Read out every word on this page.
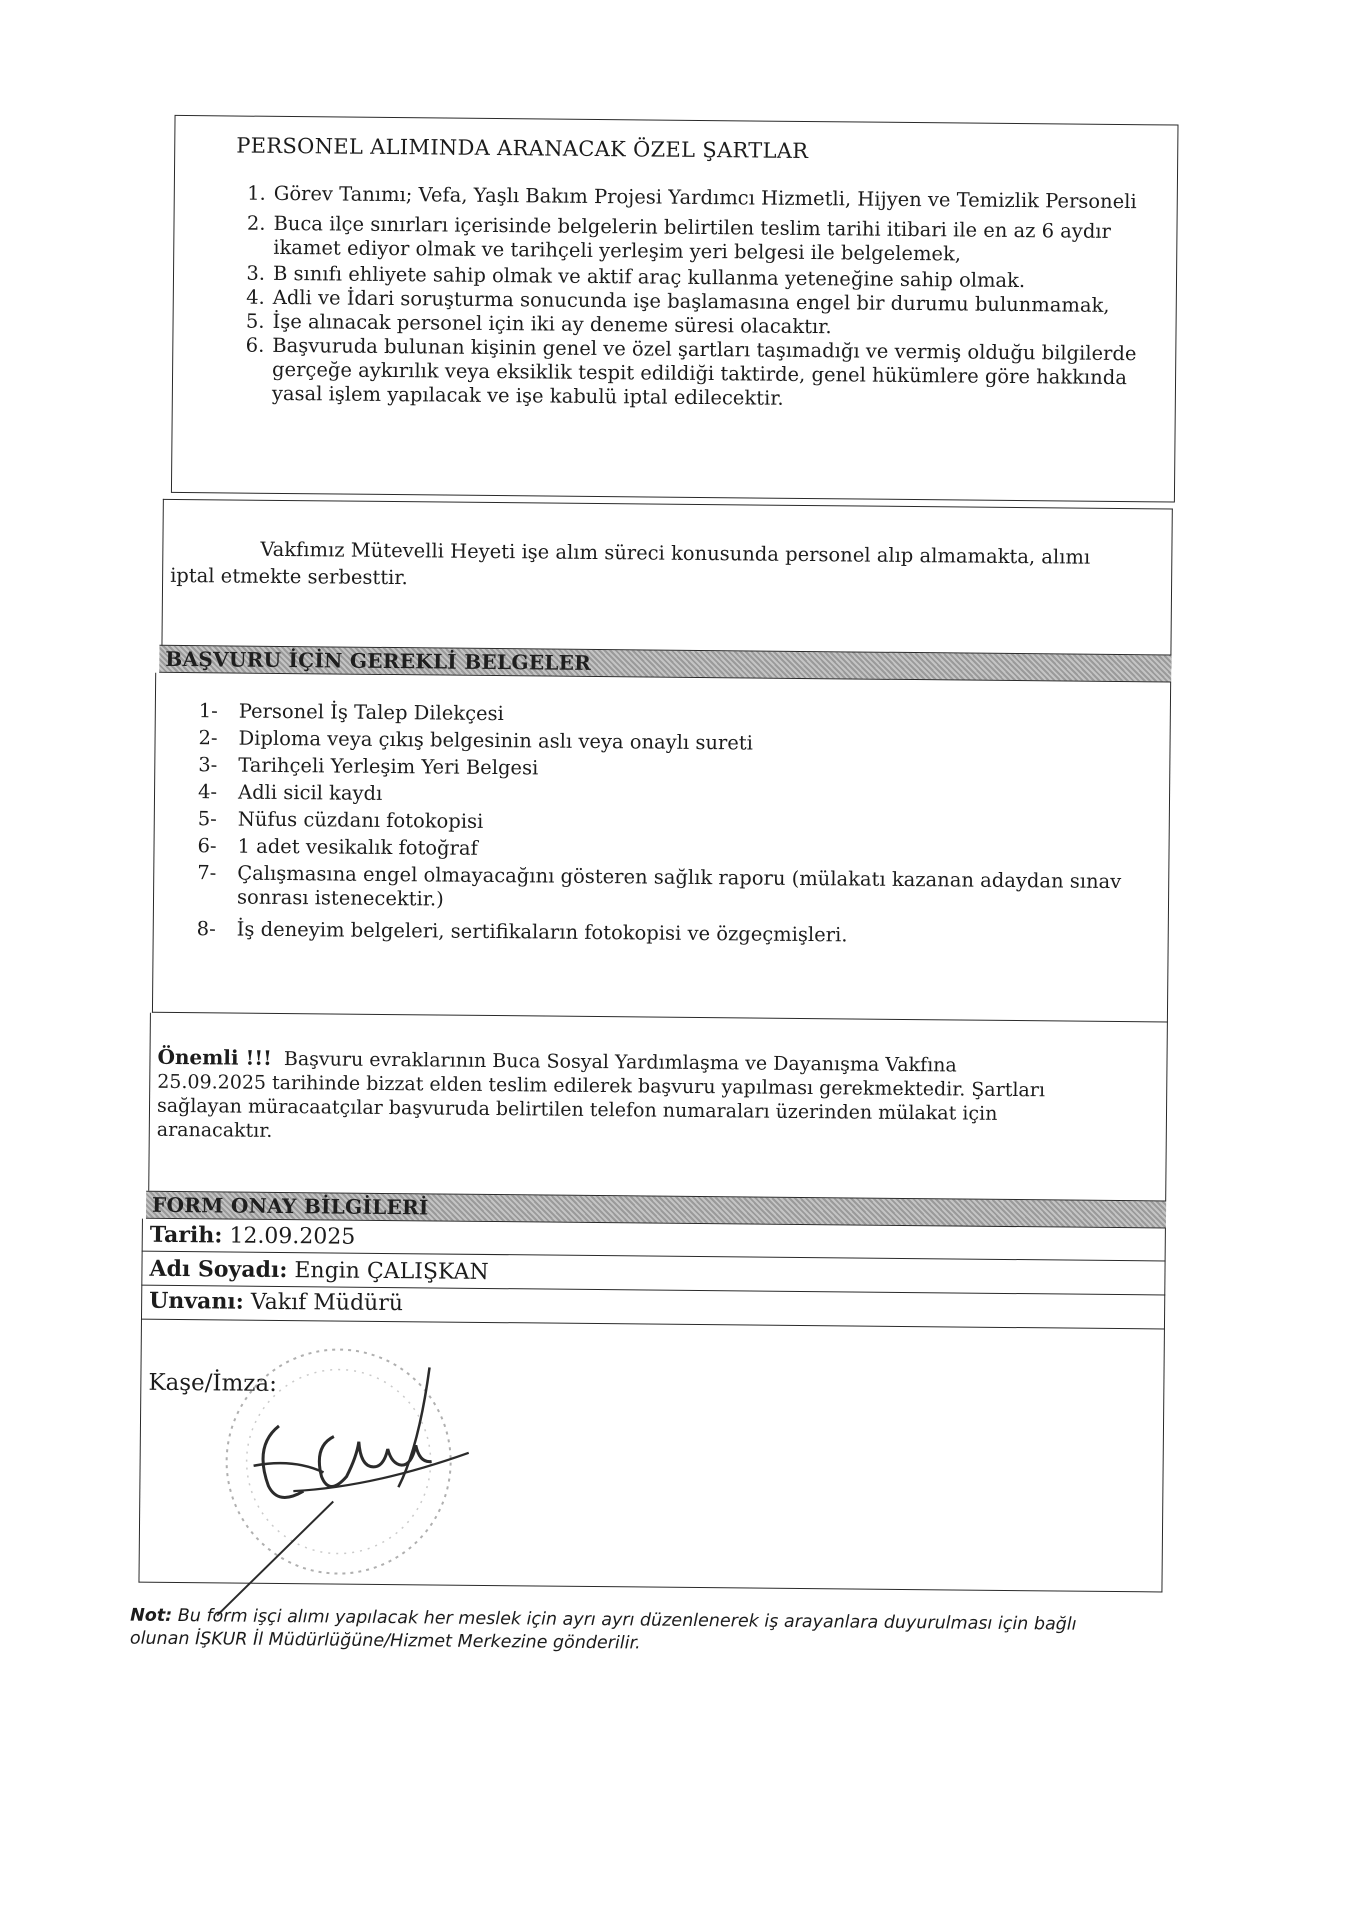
PERSONEL ALIMINDA ARANACAK ÖZEL ŞARTLAR
1. Görev Tanımı; Vefa, Yaşlı Bakım Projesi Yardımcı Hizmetli, Hijyen ve Temizlik Personeli
2. Buca ilçe sınırları içerisinde belgelerin belirtilen teslim tarihi itibari ile en az 6 aydır ikamet ediyor olmak ve tarihçeli yerleşim yeri belgesi ile belgelemek,
3. B sınıfı ehliyete sahip olmak ve aktif araç kullanma yeteneğine sahip olmak.
4. Adli ve İdari soruşturma sonucunda işe başlamasına engel bir durumu bulunmamak,
5. İşe alınacak personel için iki ay deneme süresi olacaktır.
6. Başvuruda bulunan kişinin genel ve özel şartları taşımadığı ve vermiş olduğu bilgilerde gerçeğe aykırılık veya eksiklik tespit edildiği taktirde, genel hükümlere göre hakkında yasal işlem yapılacak ve işe kabulü iptal edilecektir.
Vakfımız Mütevelli Heyeti işe alım süreci konusunda personel alıp almamakta, alımı
iptal etmekte serbesttir.
BAŞVURU İÇİN GEREKLİ BELGELER
1-	Personel İş Talep Dilekçesi
2-	Diploma veya çıkış belgesinin aslı veya onaylı sureti
3-	Tarihçeli Yerleşim Yeri Belgesi
4-	Adli sicil kaydı
5-	Nüfus cüzdanı fotokopisi
6-	1 adet vesikalık fotoğraf
7-	Çalışmasına engel olmayacağını gösteren sağlık raporu (mülakatı kazanan adaydan sınav sonrası istenecektir.)
8-	İş deneyim belgeleri, sertifikaların fotokopisi ve özgeçmişleri.
Önemli !!! Başvuru evraklarının Buca Sosyal Yardımlaşma ve Dayanışma Vakfına
25.09.2025 tarihinde bizzat elden teslim edilerek başvuru yapılması gerekmektedir. Şartları
sağlayan müracaatçılar başvuruda belirtilen telefon numaraları üzerinden mülakat için
aranacaktır.
FORM ONAY BİLGİLERİ
Tarih: 12.09.2025
Adı Soyadı: Engin ÇALIŞKAN
Unvanı: Vakıf Müdürü
Kaşe/İmza:
Not: Bu form işçi alımı yapılacak her meslek için ayrı ayrı düzenlenerek iş arayanlara duyurulması için bağlı
olunan İŞKUR İl Müdürlüğüne/Hizmet Merkezine gönderilir.
